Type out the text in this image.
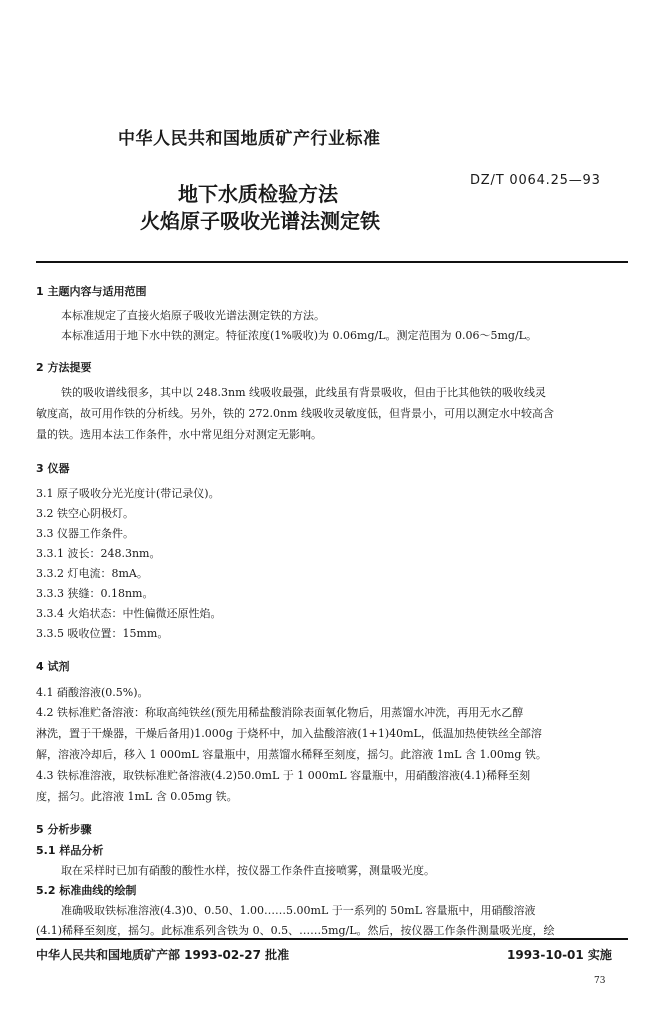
中华人民共和国地质矿产行业标准
DZ/T 0064.25—93
地下水质检验方法
火焰原子吸收光谱法测定铁
1 主题内容与适用范围
本标准规定了直接火焰原子吸收光谱法测定铁的方法。
本标准适用于地下水中铁的测定。特征浓度(1%吸收)为 0.06mg/L。测定范围为 0.06～5mg/L。
2 方法提要
铁的吸收谱线很多，其中以 248.3nm 线吸收最强，此线虽有背景吸收，但由于比其他铁的吸收线灵
敏度高，故可用作铁的分析线。另外，铁的 272.0nm 线吸收灵敏度低，但背景小，可用以测定水中较高含
量的铁。选用本法工作条件，水中常见组分对测定无影响。
3 仪器
3.1 原子吸收分光光度计(带记录仪)。
3.2 铁空心阴极灯。
3.3 仪器工作条件。
3.3.1 波长：248.3nm。
3.3.2 灯电流：8mA。
3.3.3 狭缝：0.18nm。
3.3.4 火焰状态：中性偏微还原性焰。
3.3.5 吸收位置：15mm。
4 试剂
4.1 硝酸溶液(0.5%)。
4.2 铁标准贮备溶液：称取高纯铁丝(预先用稀盐酸消除表面氧化物后，用蒸馏水冲洗，再用无水乙醇
淋洗，置于干燥器，干燥后备用)1.000g 于烧杯中，加入盐酸溶液(1+1)40mL，低温加热使铁丝全部溶
解，溶液冷却后，移入 1 000mL 容量瓶中，用蒸馏水稀释至刻度，摇匀。此溶液 1mL 含 1.00mg 铁。
4.3 铁标准溶液，取铁标准贮备溶液(4.2)50.0mL 于 1 000mL 容量瓶中，用硝酸溶液(4.1)稀释至刻
度，摇匀。此溶液 1mL 含 0.05mg 铁。
5 分析步骤
5.1 样品分析
取在采样时已加有硝酸的酸性水样，按仪器工作条件直接喷雾，测量吸光度。
5.2 标准曲线的绘制
准确吸取铁标准溶液(4.3)0、0.50、1.00……5.00mL 于一系列的 50mL 容量瓶中，用硝酸溶液
(4.1)稀释至刻度，摇匀。此标准系列含铁为 0、0.5、……5mg/L。然后，按仪器工作条件测量吸光度，绘
中华人民共和国地质矿产部 1993-02-27 批准	1993-10-01 实施
73
